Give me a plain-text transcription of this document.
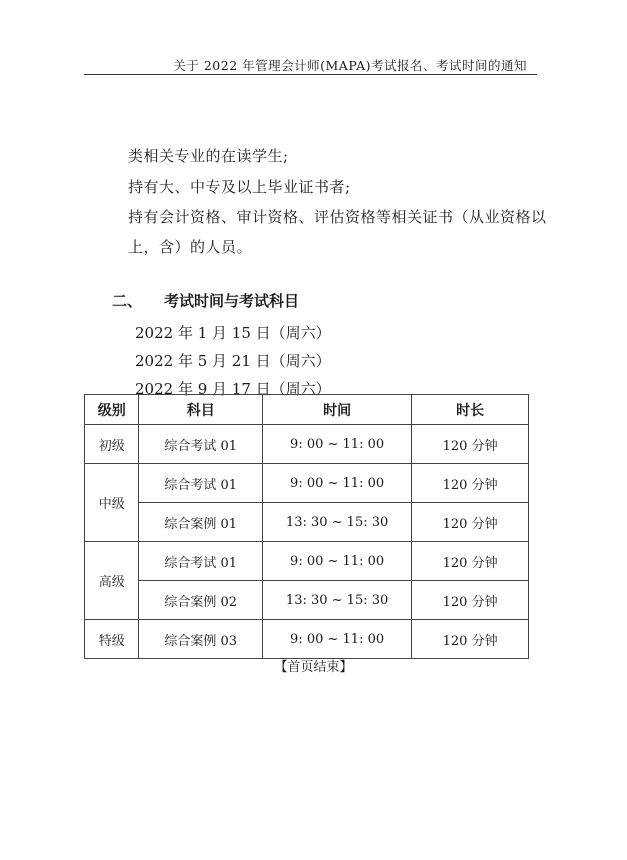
关于 2022 年管理会计师(MAPA)考试报名、考试时间的通知
类相关专业的在读学生;
持有大、中专及以上毕业证书者;
持有会计资格、审计资格、评估资格等相关证书（从业资格以
上，含）的人员。
二、 考试时间与考试科目
2022 年 1 月 15 日（周六）
2022 年 5 月 21 日（周六）
2022 年 9 月 17 日（周六）
级别	科目	时间	时长
初级	综合考试 01	9: 00 ~ 11: 00	120 分钟
中级	综合考试 01	9: 00 ~ 11: 00	120 分钟
	综合案例 01	13: 30 ~ 15: 30	120 分钟
高级	综合考试 01	9: 00 ~ 11: 00	120 分钟
	综合案例 02	13: 30 ~ 15: 30	120 分钟
特级	综合案例 03	9: 00 ~ 11: 00	120 分钟
【首页结束】
